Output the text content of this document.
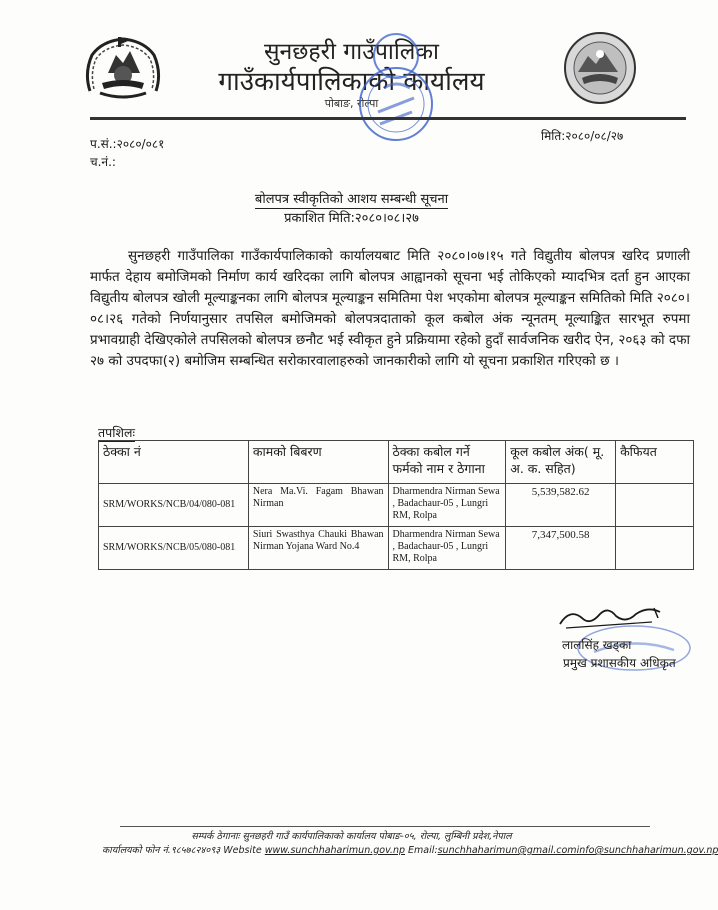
सुनछहरी गाउँपालिका
गाउँकार्यपालिकाको कार्यालय
पोबाङ, रोल्पा
प.सं.:२०८०/०८१
च.नं.:
मिति:२०८०/०८/२७
बोलपत्र स्वीकृतिको आशय सम्बन्धी सूचना
प्रकाशित मिति:२०८०।०८।२७
सुनछहरी गाउँपालिका गाउँकार्यपालिकाको कार्यालयबाट मिति २०८०।०७।१५ गते विद्युतीय बोलपत्र खरिद प्रणाली मार्फत देहाय बमोजिमको निर्माण कार्य खरिदका लागि बोलपत्र आह्वानको सूचना भई तोकिएको म्यादभित्र दर्ता हुन आएका विद्युतीय बोलपत्र खोली मूल्याङ्कनका लागि बोलपत्र मूल्याङ्कन समितिमा पेश भएकोमा बोलपत्र मूल्याङ्कन समितिको मिति २०८०।०८।२६ गतेको निर्णयानुसार तपसिल बमोजिमको बोलपत्रदाताको कूल कबोल अंक न्यूनतम् मूल्याङ्कित सारभूत रुपमा प्रभावग्राही देखिएकोले तपसिलको बोलपत्र छनौट भई स्वीकृत हुने प्रक्रियामा रहेको हुदाँ सार्वजनिक खरीद ऐन, २०६३ को दफा २७ को उपदफा(२) बमोजिम सम्बन्धित सरोकारवालाहरुको जानकारीको लागि यो सूचना प्रकाशित गरिएको छ ।
तपशिलः
ठेक्का नं	कामको बिबरण	ठेक्का कबोल गर्ने फर्मको नाम र ठेगाना	कूल कबोल अंक( मू. अ. क. सहित)	कैफियत
SRM/WORKS/NCB/04/080-081	Nera Ma.Vi. Fagam Bhawan Nirman	Dharmendra Nirman Sewa , Badachaur-05 , Lungri RM, Rolpa	5,539,582.62	
SRM/WORKS/NCB/05/080-081	Siuri Swasthya Chauki Bhawan Nirman Yojana Ward No.4	Dharmendra Nirman Sewa , Badachaur-05 , Lungri RM, Rolpa	7,347,500.58	
लालसिंह खड्का
प्रमुख प्रशासकीय अधिकृत
सम्पर्क ठेगानाः सुनछहरी गाउँ कार्यपालिकाको कार्यालय पोबाङ-०५, रोल्पा, लुम्बिनी प्रदेश,नेपाल
कार्यालयको फोन नं.९८५७८२४०९३ Website www.sunchhaharimun.gov.np Email:sunchhaharimun@gmail.cominfo@sunchhaharimun.gov.np
